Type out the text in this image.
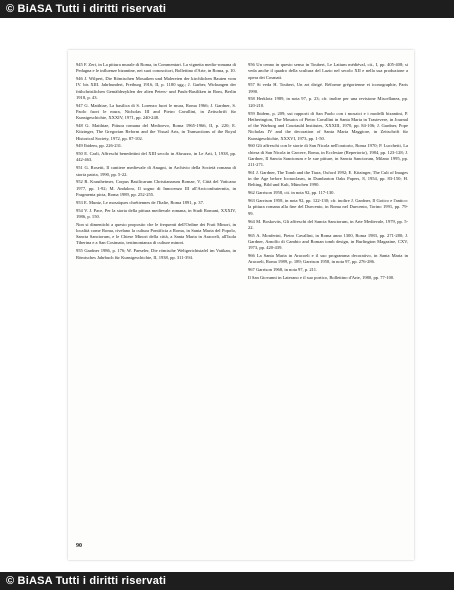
© BiASA Tutti i diritti riservati

945 F. Zeri, in La pittura murale di Roma, in Commentari. La vignetta medio-romana di Pedagna e le influenze bizantine, nei suoi conoscitori, Bollettino d'Arte, in Roma, p. 10.

946 J. Wilpert, Die Römischen Mosaiken und Malereien der kirchlichen Bauten vom IV. bis XIII. Jahrhundert, Freiburg 1916, II, p. 1180 sgg.; J. Garber, Wirkungen der frühchristlichen Gemäldezyklen der alten Peters- und Pauls-Basiliken in Rom, Berlin 1918, p. 43.

947 G. Matthiae, La basilica di S. Lorenzo fuori le mura, Roma 1966; J. Gardner, S. Paolo fuori le mura, Nicholas III and Pietro Cavallini, in Zeitschrift für Kunstgeschichte, XXXIV, 1971, pp. 240-248.

948 G. Matthiae, Pittura romana del Medioevo, Roma 1965-1966, II, p. 220; E. Kitzinger, The Gregorian Reform and the Visual Arts, in Transactions of the Royal Historical Society, 1972, pp. 87-102.

949 Ibidem, pp. 226-231.

950 E. Carli, Affreschi benedettini del XIII secolo in Abruzzo, in Le Arti, I, 1938, pp. 442-463.

951 G. Rosetti, Il cantiere medievale di Anagni, in Archivio della Società romana di storia patria, 1990, pp. 5-22.

952 R. Krautheimer, Corpus Basilicarum Christianarum Romae, V, Città del Vaticano 1977, pp. 1-92; M. Andaloro, Il sogno di Innocenzo III all'Arciconfraternita, in Fragmenta picta, Roma 1989, pp. 252-255.

953 E. Muntz, Le mosaïques chrétiennes de l'Italie, Roma 1891, p. 37.

954 V. J. Pace, Per la storia della pittura medievale romana, in Studi Romani, XXXIV, 1986, p. 150.

Non si dimentichi a questo proposito che le frequenti dell'Ordine dei Frati Minori, in località come Roma, rivelano la cultura Pontificia a Roma, in Santa Maria del Popolo, Sancta Sanctorum, e le Chiese Minori della città, a Santa Maria in Aracoeli, all'Isola Tiberina e a San Cosimato, testimonianza di culture minori.

955 Gardner 1986, p. 176; W. Paeseler, Die römische Weltgerichtstafel im Vatikan, in Römisches Jahrbuch für Kunstgeschichte, II, 1938, pp. 311-394.

956 Un cenno in questo senso in Toubert, Le Latium médiéval, cit., I, pp. 405-408; si veda anche il quadro della scultura del Lazio nel secolo XII e nella sua produzione a opera dei Cosmati.

957 Si veda H. Toubert, Un art dirigé. Réforme grégorienne et iconographie, Paris 1990.

958 Herklotz 1989, in nota 97, p. 23; cfr. inoltre per una revisione Miscellanea, pp. 120-210.

959 Ibidem, p. 209; sui rapporti di San Paolo con i mosaici e i modelli bizantini, P. Hetherington, The Mosaics of Pietro Cavallini in Santa Maria in Trastevere, in Journal of the Warburg and Courtauld Institutes, XXXIII, 1970, pp. 84-106; J. Gardner, Pope Nicholas IV and the decoration of Santa Maria Maggiore, in Zeitschrift für Kunstgeschichte, XXXVI, 1973, pp. 1-50.

960 Gli affreschi con le storie di San Nicola nell'oratorio, Roma 1970; P. Lucchetti, La chiesa di San Nicola in Carcere, Roma, in Ecclesiae (Repertorio), 1984, pp. 123-128; J. Gardner, Il Sancta Sanctorum e le sue pitture, in Sancta Sanctorum, Milano 1995, pp. 211-271.

961 J. Gardner, The Tomb and the Tiara, Oxford 1992; E. Kitzinger, The Cult of Images in the Age before Iconoclasm, in Dumbarton Oaks Papers, 8, 1954, pp. 83-150; H. Belting, Bild und Kult, München 1990.

962 Garrison 1958, cit. in nota 92, pp. 117-130.

963 Garrison 1958, in nota 92, pp. 122-130; cfr. inoltre J. Gardner, Il Gotico e l'antico: la pittura romana alla fine del Duecento, in Roma nel Duecento, Torino 1991, pp. 79-99.

964 M. Boskovits, Gli affreschi del Sancta Sanctorum, in Arte Medievale, 1979, pp. 5-22.

965 A. Monferini, Pietro Cavallini, in Roma anno 1300, Roma 1983, pp. 271-280; J. Gardner, Arnolfo di Cambio and Roman tomb design, in Burlington Magazine, CXV, 1973, pp. 420-439.

966 La Santa Maria in Aracoeli e il suo programma decorativo, in Santa Maria in Aracoeli, Roma 1989, p. 189; Garrison 1958, in nota 97, pp. 276-286.

967 Garrison 1968, in nota 97, p. 211.

Il San Giovanni in Laterano e il suo portico, Bollettino d'Arte, 1980, pp. 77-100.

90
© BiASA Tutti i diritti riservati
